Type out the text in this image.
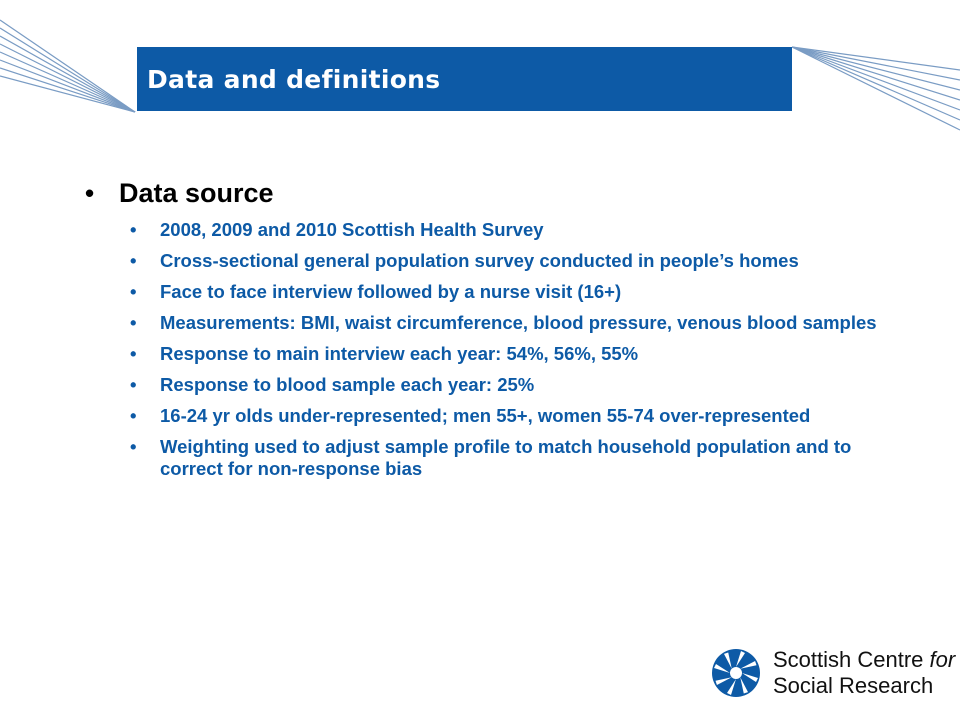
Data and definitions
• Data source
•	2008, 2009 and 2010 Scottish Health Survey
•	Cross-sectional general population survey conducted in people’s homes
•	Face to face interview followed by a nurse visit (16+)
•	Measurements: BMI, waist circumference, blood pressure, venous blood samples
•	Response to main interview each year: 54%, 56%, 55%
•	Response to blood sample each year: 25%
•	16-24 yr olds under-represented; men 55+, women 55-74 over-represented
•	Weighting used to adjust sample profile to match household population and to correct for non-response bias
Scottish Centre for
Social Research
